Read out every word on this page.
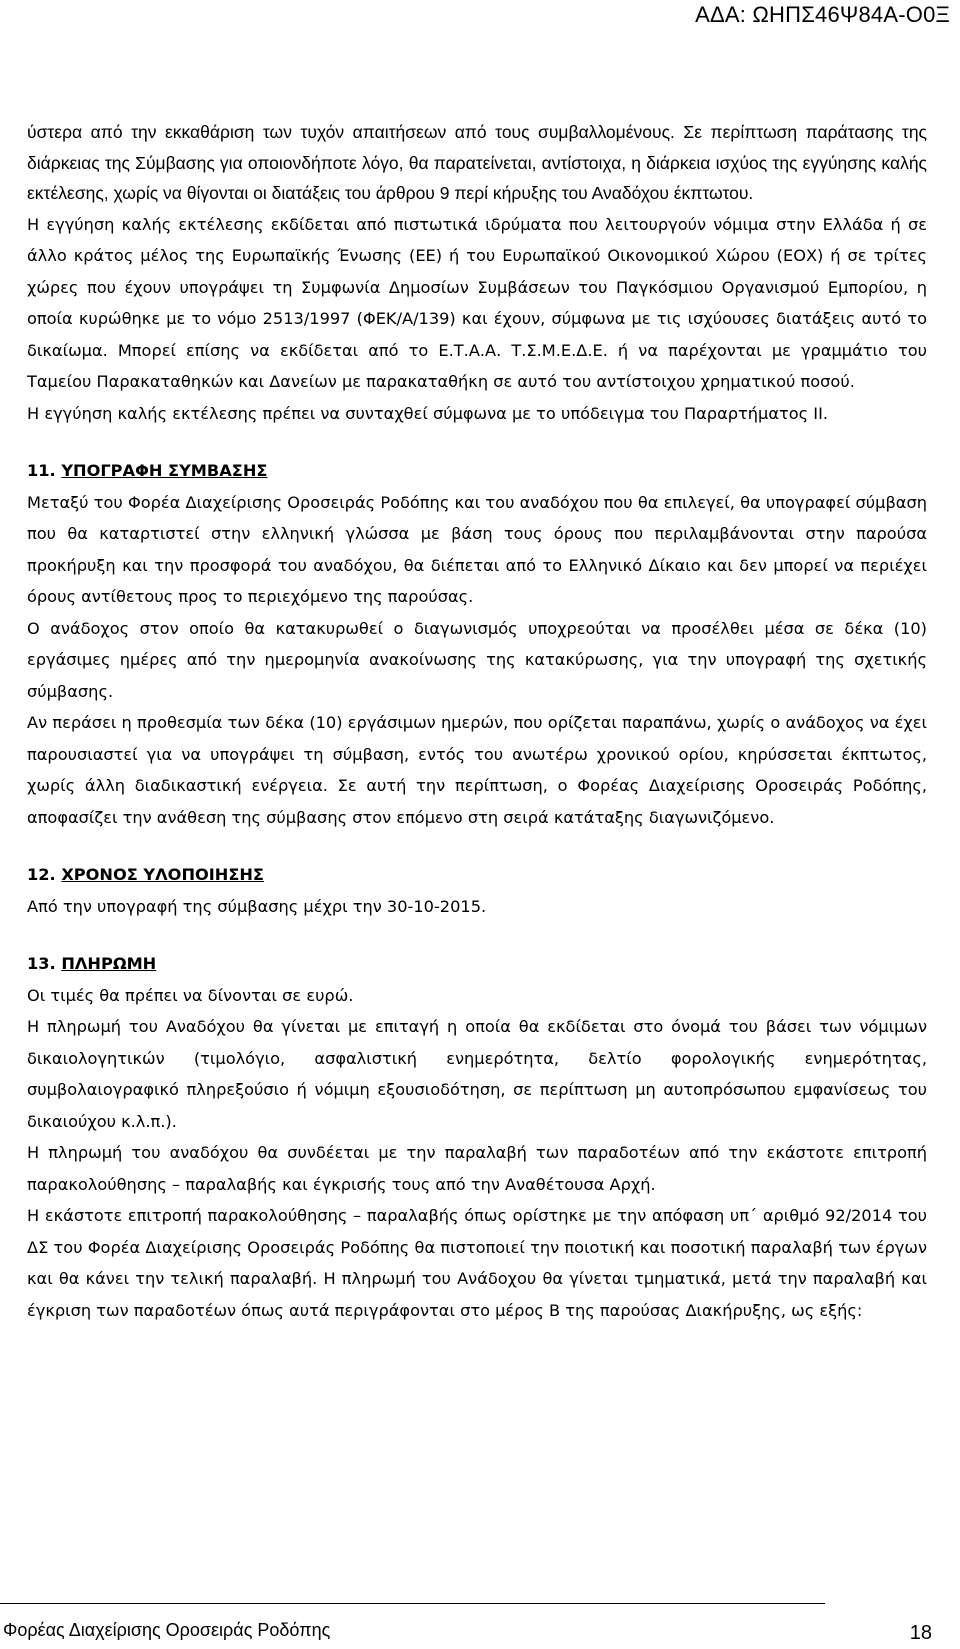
ΑΔΑ: ΩΗΠΣ46Ψ84Α-Ο0Ξ

ύστερα από την εκκαθάριση των τυχόν απαιτήσεων από τους συμβαλλομένους. Σε περίπτωση παράτασης της διάρκειας της Σύμβασης για οποιονδήποτε λόγο, θα παρατείνεται, αντίστοιχα, η διάρκεια ισχύος της εγγύησης καλής εκτέλεσης, χωρίς να θίγονται οι διατάξεις του άρθρου 9 περί κήρυξης του Αναδόχου έκπτωτου.

Η εγγύηση καλής εκτέλεσης εκδίδεται από πιστωτικά ιδρύματα που λειτουργούν νόμιμα στην Ελλάδα ή σε άλλο κράτος μέλος της Ευρωπαϊκής Ένωσης (ΕΕ) ή του Ευρωπαϊκού Οικονομικού Χώρου (ΕΟΧ) ή σε τρίτες χώρες που έχουν υπογράψει τη Συμφωνία Δημοσίων Συμβάσεων του Παγκόσμιου Οργανισμού Εμπορίου, η οποία κυρώθηκε με το νόμο 2513/1997 (ΦΕΚ/Α/139) και έχουν, σύμφωνα με τις ισχύουσες διατάξεις αυτό το δικαίωμα. Μπορεί επίσης να εκδίδεται από το Ε.Τ.Α.Α. Τ.Σ.Μ.Ε.Δ.Ε. ή να παρέχονται με γραμμάτιο του Ταμείου Παρακαταθηκών και Δανείων με παρακαταθήκη σε αυτό του αντίστοιχου χρηματικού ποσού.

Η εγγύηση καλής εκτέλεσης πρέπει να συνταχθεί σύμφωνα με το υπόδειγμα του Παραρτήματος ΙΙ.

11. ΥΠΟΓΡΑΦΗ ΣΥΜΒΑΣΗΣ

Μεταξύ του Φορέα Διαχείρισης Οροσειράς Ροδόπης και του αναδόχου που θα επιλεγεί, θα υπογραφεί σύμβαση που θα καταρτιστεί στην ελληνική γλώσσα με βάση τους όρους που περιλαμβάνονται στην παρούσα προκήρυξη και την προσφορά του αναδόχου, θα διέπεται από το Ελληνικό Δίκαιο και δεν μπορεί να περιέχει όρους αντίθετους προς το περιεχόμενο της παρούσας.

Ο ανάδοχος στον οποίο θα κατακυρωθεί ο διαγωνισμός υποχρεούται να προσέλθει μέσα σε δέκα (10) εργάσιμες ημέρες από την ημερομηνία ανακοίνωσης της κατακύρωσης, για την υπογραφή της σχετικής σύμβασης.

Αν περάσει η προθεσμία των δέκα (10) εργάσιμων ημερών, που ορίζεται παραπάνω, χωρίς ο ανάδοχος να έχει παρουσιαστεί για να υπογράψει τη σύμβαση, εντός του ανωτέρω χρονικού ορίου, κηρύσσεται έκπτωτος, χωρίς άλλη διαδικαστική ενέργεια. Σε αυτή την περίπτωση, ο Φορέας Διαχείρισης Οροσειράς Ροδόπης, αποφασίζει την ανάθεση της σύμβασης στον επόμενο στη σειρά κατάταξης διαγωνιζόμενο.

12. ΧΡΟΝΟΣ ΥΛΟΠΟΙΗΣΗΣ

Από την υπογραφή της σύμβασης μέχρι την 30-10-2015.

13. ΠΛΗΡΩΜΗ

Οι τιμές θα πρέπει να δίνονται σε ευρώ.

Η πληρωμή του Αναδόχου θα γίνεται με επιταγή η οποία θα εκδίδεται στο όνομά του βάσει των νόμιμων δικαιολογητικών (τιμολόγιο, ασφαλιστική ενημερότητα, δελτίο φορολογικής ενημερότητας, συμβολαιογραφικό πληρεξούσιο ή νόμιμη εξουσιοδότηση, σε περίπτωση μη αυτοπρόσωπου εμφανίσεως του δικαιούχου κ.λ.π.).

Η πληρωμή του αναδόχου θα συνδέεται με την παραλαβή των παραδοτέων από την εκάστοτε επιτροπή παρακολούθησης – παραλαβής και έγκρισής τους από την Αναθέτουσα Αρχή.

Η εκάστοτε επιτροπή παρακολούθησης – παραλαβής όπως ορίστηκε με την απόφαση υπ΄ αριθμό 92/2014 του ΔΣ του Φορέα Διαχείρισης Οροσειράς Ροδόπης θα πιστοποιεί την ποιοτική και ποσοτική παραλαβή των έργων και θα κάνει την τελική παραλαβή. Η πληρωμή του Ανάδοχου θα γίνεται τμηματικά, μετά την παραλαβή και έγκριση των παραδοτέων όπως αυτά περιγράφονται στο μέρος Β της παρούσας Διακήρυξης, ως εξής:

Φορέας Διαχείρισης Οροσειράς Ροδόπης	18
